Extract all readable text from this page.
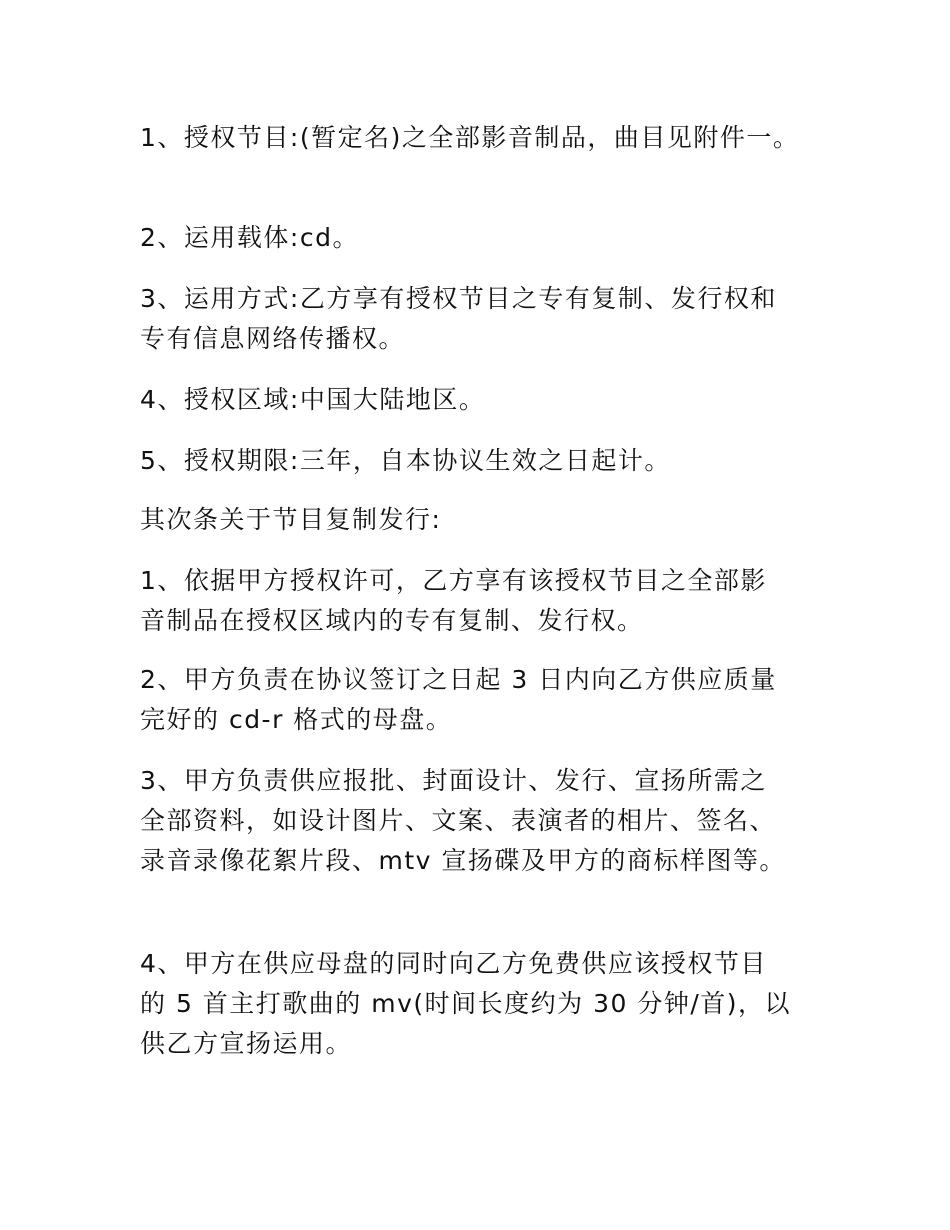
1、授权节目:(暂定名)之全部影音制品，曲目见附件一。

2、运用载体:cd。

3、运用方式:乙方享有授权节目之专有复制、发行权和
专有信息网络传播权。

4、授权区域:中国大陆地区。

5、授权期限:三年，自本协议生效之日起计。

其次条关于节目复制发行:

1、依据甲方授权许可，乙方享有该授权节目之全部影
音制品在授权区域内的专有复制、发行权。

2、甲方负责在协议签订之日起 3 日内向乙方供应质量
完好的 cd-r 格式的母盘。

3、甲方负责供应报批、封面设计、发行、宣扬所需之
全部资料，如设计图片、文案、表演者的相片、签名、
录音录像花絮片段、mtv 宣扬碟及甲方的商标样图等。

4、甲方在供应母盘的同时向乙方免费供应该授权节目
的 5 首主打歌曲的 mv(时间长度约为 30 分钟/首)，以
供乙方宣扬运用。
